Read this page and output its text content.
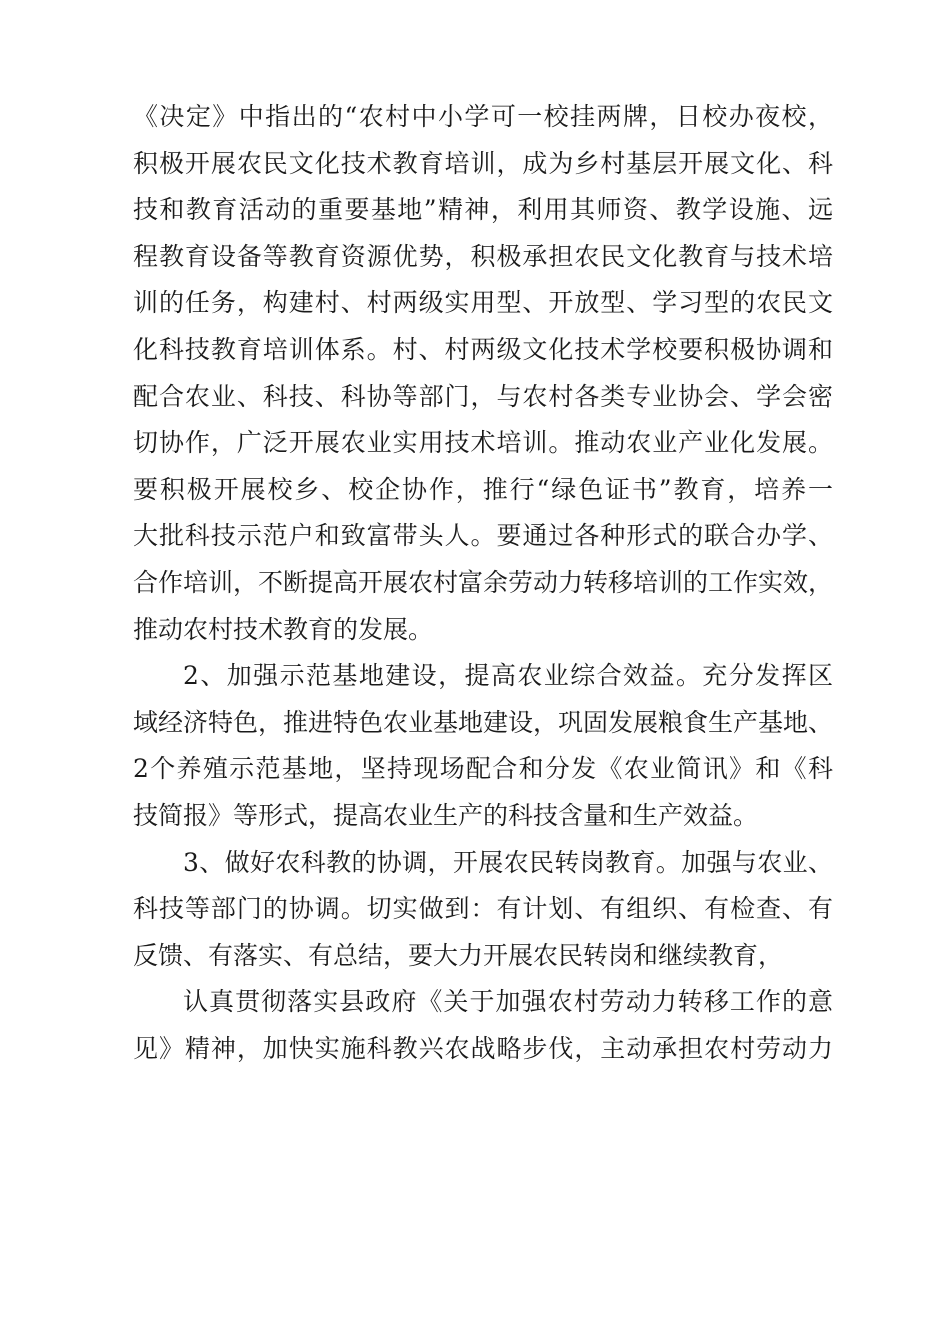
《决定》中指出的“农村中小学可一校挂两牌，日校办夜校，
积极开展农民文化技术教育培训，成为乡村基层开展文化、科
技和教育活动的重要基地”精神，利用其师资、教学设施、远
程教育设备等教育资源优势，积极承担农民文化教育与技术培
训的任务，构建村、村两级实用型、开放型、学习型的农民文
化科技教育培训体系。村、村两级文化技术学校要积极协调和
配合农业、科技、科协等部门，与农村各类专业协会、学会密
切协作，广泛开展农业实用技术培训。推动农业产业化发展。
要积极开展校乡、校企协作，推行“绿色证书”教育，培养一
大批科技示范户和致富带头人。要通过各种形式的联合办学、
合作培训，不断提高开展农村富余劳动力转移培训的工作实效，
推动农村技术教育的发展。
2、加强示范基地建设，提高农业综合效益。充分发挥区
域经济特色，推进特色农业基地建设，巩固发展粮食生产基地、
2个养殖示范基地，坚持现场配合和分发《农业简讯》和《科
技简报》等形式，提高农业生产的科技含量和生产效益。
3、做好农科教的协调，开展农民转岗教育。加强与农业、
科技等部门的协调。切实做到：有计划、有组织、有检查、有
反馈、有落实、有总结，要大力开展农民转岗和继续教育，
认真贯彻落实县政府《关于加强农村劳动力转移工作的意
见》精神，加快实施科教兴农战略步伐，主动承担农村劳动力
